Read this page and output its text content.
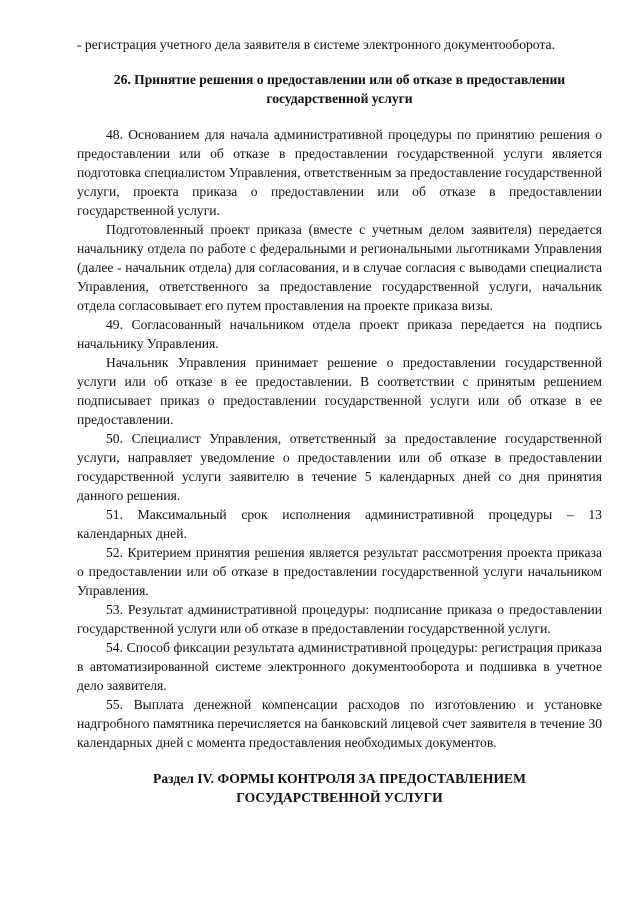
- регистрация учетного дела заявителя в системе электронного документооборота.

26. Принятие решения о предоставлении или об отказе в предоставлении государственной услуги

48. Основанием для начала административной процедуры по принятию решения о предоставлении или об отказе в предоставлении государственной услуги является подготовка специалистом Управления, ответственным за предоставление государственной услуги, проекта приказа о предоставлении или об отказе в предоставлении государственной услуги.

Подготовленный проект приказа (вместе с учетным делом заявителя) передается начальнику отдела по работе с федеральными и региональными льготниками Управления (далее - начальник отдела) для согласования, и в случае согласия с выводами специалиста Управления, ответственного за предоставление государственной услуги, начальник отдела согласовывает его путем проставления на проекте приказа визы.

49. Согласованный начальником отдела проект приказа передается на подпись начальнику Управления.

Начальник Управления принимает решение о предоставлении государственной услуги или об отказе в ее предоставлении. В соответствии с принятым решением подписывает приказ о предоставлении государственной услуги или об отказе в ее предоставлении.

50. Специалист Управления, ответственный за предоставление государственной услуги, направляет уведомление о предоставлении или об отказе в предоставлении государственной услуги заявителю в течение 5 календарных дней со дня принятия данного решения.

51. Максимальный срок исполнения административной процедуры – 13 календарных дней.

52. Критерием принятия решения является результат рассмотрения проекта приказа о предоставлении или об отказе в предоставлении государственной услуги начальником Управления.

53. Результат административной процедуры: подписание приказа о предоставлении государственной услуги или об отказе в предоставлении государственной услуги.

54. Способ фиксации результата административной процедуры: регистрация приказа в автоматизированной системе электронного документооборота и подшивка в учетное дело заявителя.

55. Выплата денежной компенсации расходов по изготовлению и установке надгробного памятника перечисляется на банковский лицевой счет заявителя в течение 30 календарных дней с момента предоставления необходимых документов.

Раздел IV. ФОРМЫ КОНТРОЛЯ ЗА ПРЕДОСТАВЛЕНИЕМ ГОСУДАРСТВЕННОЙ УСЛУГИ
